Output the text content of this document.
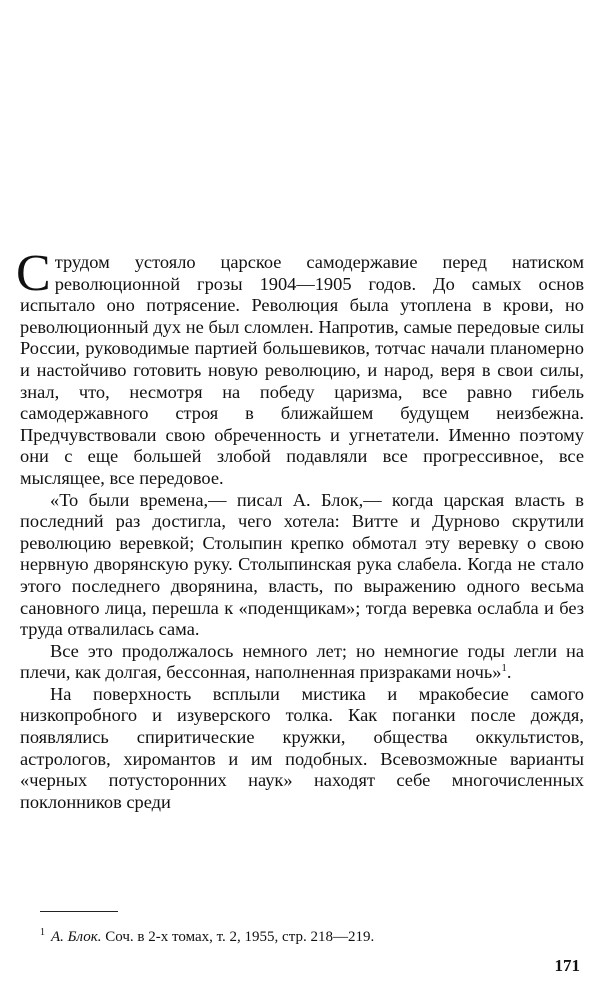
Струдом устояло царское самодержавие перед натиском революционной грозы 1904—1905 годов. До самых основ испытало оно потрясение. Революция была утоплена в крови, но революционный дух не был сломлен. Напротив, самые передовые силы России, руководимые партией большевиков, тотчас начали планомерно и настойчиво готовить новую революцию, и народ, веря в свои силы, знал, что, несмотря на победу царизма, все равно гибель самодержавного строя в ближайшем будущем неизбежна. Предчувствовали свою обреченность и угнетатели. Именно поэтому они с еще большей злобой подавляли все прогрессивное, все мыслящее, все передовое.

«То были времена,— писал А. Блок,— когда царская власть в последний раз достигла, чего хотела: Витте и Дурново скрутили революцию веревкой; Столыпин крепко обмотал эту веревку о свою нервную дворянскую руку. Столыпинская рука слабела. Когда не стало этого последнего дворянина, власть, по выражению одного весьма сановного лица, перешла к «поденщикам»; тогда веревка ослабла и без труда отвалилась сама.

Все это продолжалось немного лет; но немногие годы легли на плечи, как долгая, бессонная, наполненная призраками ночь»$^1$.

На поверхность всплыли мистика и мракобесие самого низкопробного и изуверского толка. Как поганки после дождя, появлялись спиритические кружки, общества оккультистов, астрологов, хиромантов и им подобных. Всевозможные варианты «черных потусторонних наук» находят себе многочисленных поклонников среди

$^1$ А. Блок. Соч. в 2-х томах, т. 2, 1955, стр. 218—219.
171
